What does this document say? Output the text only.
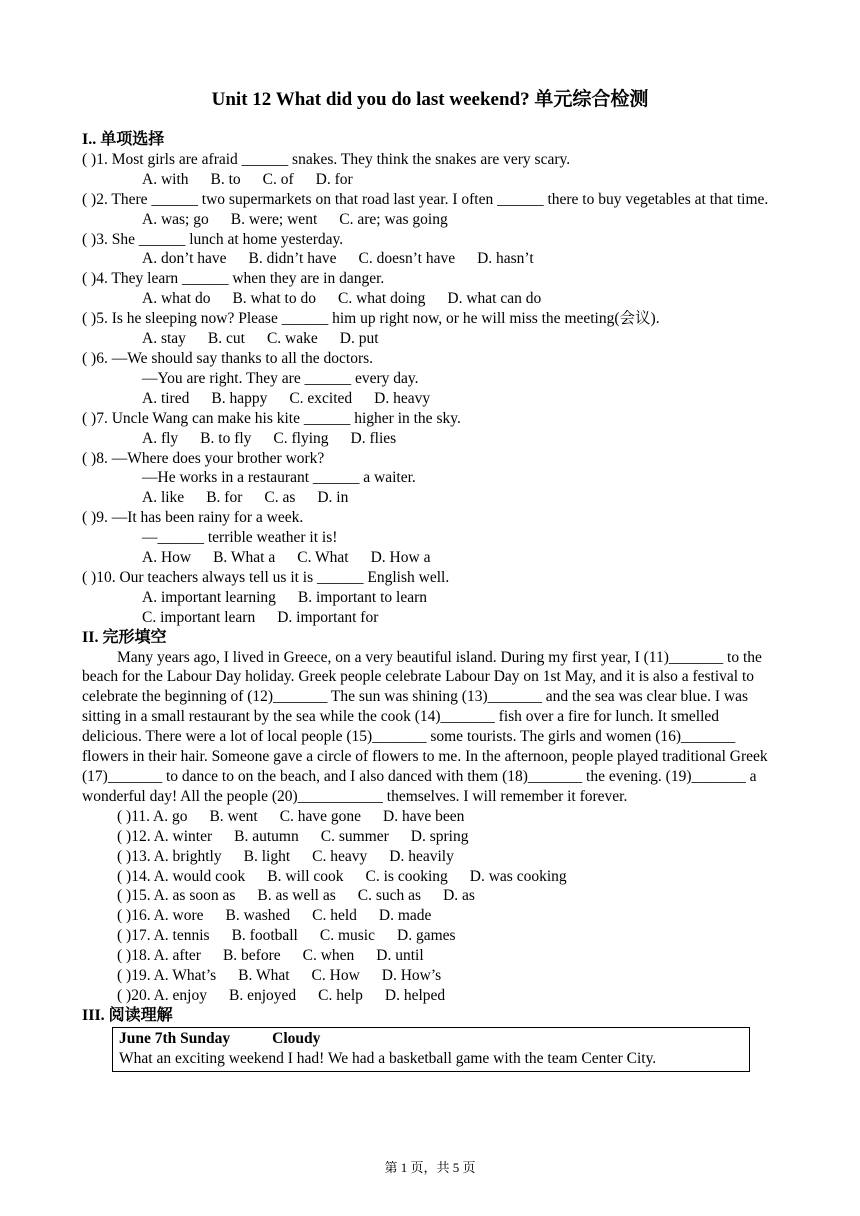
Unit 12 What did you do last weekend? 单元综合检测
I.. 单项选择
( )1. Most girls are afraid ______ snakes. They think the snakes are very scary.
A. with B. to C. of D. for
( )2. There ______ two supermarkets on that road last year. I often ______ there to buy vegetables at that time.
A. was; go B. were; went C. are; was going
( )3. She ______ lunch at home yesterday.
A. don’t have B. didn’t have C. doesn’t have D. hasn’t
( )4. They learn ______ when they are in danger.
A. what do B. what to do C. what doing D. what can do
( )5. Is he sleeping now? Please ______ him up right now, or he will miss the meeting(会议).
A. stay B. cut C. wake D. put
( )6. —We should say thanks to all the doctors.
—You are right. They are ______ every day.
A. tired B. happy C. excited D. heavy
( )7. Uncle Wang can make his kite ______ higher in the sky.
A. fly B. to fly C. flying D. flies
( )8. —Where does your brother work?
—He works in a restaurant ______ a waiter.
A. like B. for C. as D. in
( )9. —It has been rainy for a week.
—______ terrible weather it is!
A. How B. What a C. What D. How a
( )10. Our teachers always tell us it is ______ English well.
A. important learning B. important to learn
C. important learn D. important for
II. 完形填空
Many years ago, I lived in Greece, on a very beautiful island. During my first year, I (11)_______ to the beach for the Labour Day holiday. Greek people celebrate Labour Day on 1st May, and it is also a festival to celebrate the beginning of (12)_______ The sun was shining (13)_______ and the sea was clear blue. I was sitting in a small restaurant by the sea while the cook (14)_______ fish over a fire for lunch. It smelled delicious. There were a lot of local people (15)_______ some tourists. The girls and women (16)_______ flowers in their hair. Someone gave a circle of flowers to me. In the afternoon, people played traditional Greek (17)_______ to dance to on the beach, and I also danced with them (18)_______ the evening. (19)_______ a wonderful day! All the people (20)___________ themselves. I will remember it forever.
( )11. A. go B. went C. have gone D. have been
( )12. A. winter B. autumn C. summer D. spring
( )13. A. brightly B. light C. heavy D. heavily
( )14. A. would cook B. will cook C. is cooking D. was cooking
( )15. A. as soon as B. as well as C. such as D. as
( )16. A. wore B. washed C. held D. made
( )17. A. tennis B. football C. music D. games
( )18. A. after B. before C. when D. until
( )19. A. What’s B. What C. How D. How’s
( )20. A. enjoy B. enjoyed C. help D. helped
III. 阅读理解
June 7th Sunday	Cloudy
What an exciting weekend I had! We had a basketball game with the team Center City.
第 1 页，共 5 页
